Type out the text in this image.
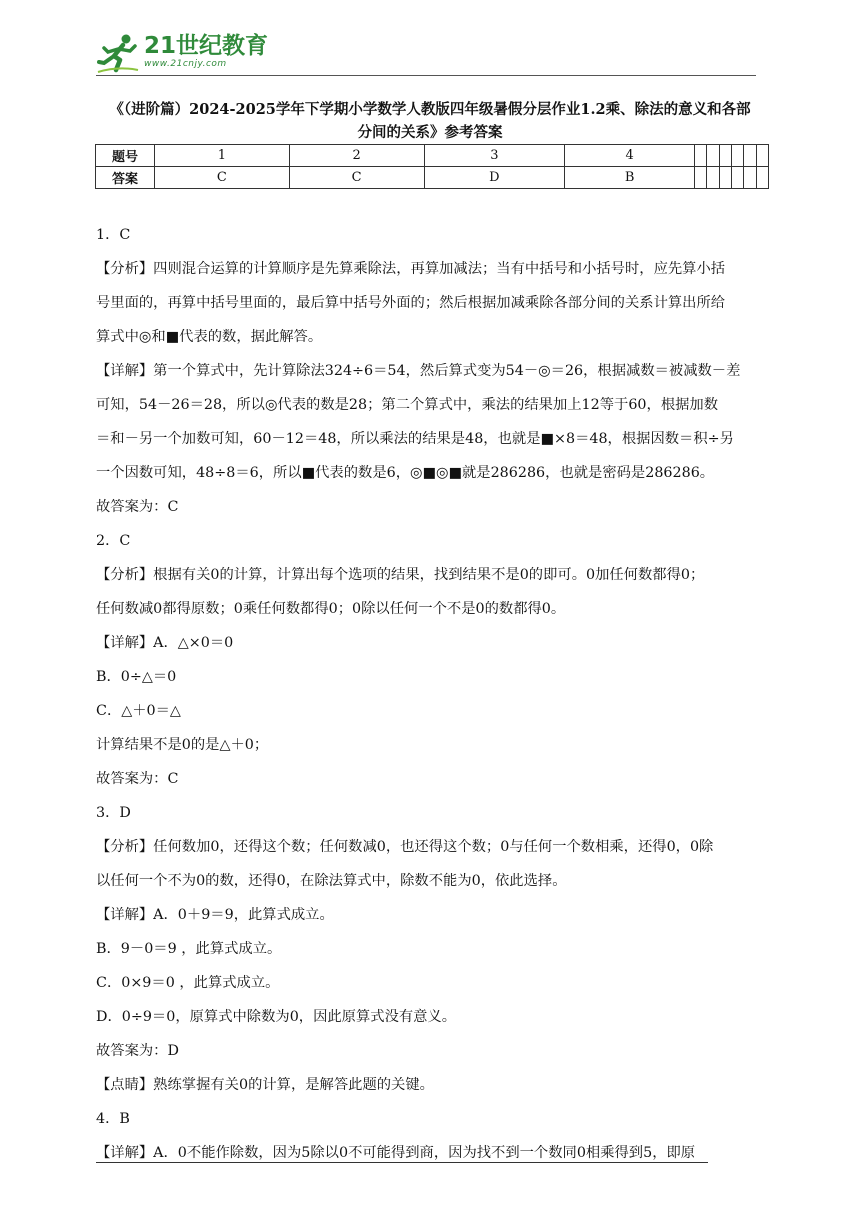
21世纪教育
www.21cnjy.com
《（进阶篇）2024-2025学年下学期小学数学人教版四年级暑假分层作业1.2乘、除法的意义和各部
分间的关系》参考答案
题号	1	2	3	4						
答案	C	C	D	B						

1．C

【分析】四则混合运算的计算顺序是先算乘除法，再算加减法；当有中括号和小括号时，应先算小括

号里面的，再算中括号里面的，最后算中括号外面的；然后根据加减乘除各部分间的关系计算出所给

算式中◎和■代表的数，据此解答。

【详解】第一个算式中，先计算除法324÷6＝54，然后算式变为54－◎＝26，根据减数＝被减数－差

可知，54－26＝28，所以◎代表的数是28；第二个算式中，乘法的结果加上12等于60，根据加数

＝和－另一个加数可知，60－12＝48，所以乘法的结果是48，也就是■×8＝48，根据因数＝积÷另

一个因数可知，48÷8＝6，所以■代表的数是6，◎■◎■就是286286，也就是密码是286286。

故答案为：C

2．C

【分析】根据有关0的计算，计算出每个选项的结果，找到结果不是0的即可。0加任何数都得0；

任何数减0都得原数；0乘任何数都得0；0除以任何一个不是0的数都得0。

【详解】A．△×0＝0

B．0÷△＝0

C．△＋0＝△

计算结果不是0的是△＋0；

故答案为：C

3．D

【分析】任何数加0，还得这个数；任何数减0，也还得这个数；0与任何一个数相乘，还得0，0除

以任何一个不为0的数，还得0，在除法算式中，除数不能为0，依此选择。

【详解】A．0＋9＝9，此算式成立。

B．9－0＝9 ，此算式成立。

C．0×9＝0 ，此算式成立。

D．0÷9＝0，原算式中除数为0，因此原算式没有意义。

故答案为：D

【点睛】熟练掌握有关0的计算，是解答此题的关键。

4．B

【详解】A．0不能作除数，因为5除以0不可能得到商，因为找不到一个数同0相乘得到5，即原
